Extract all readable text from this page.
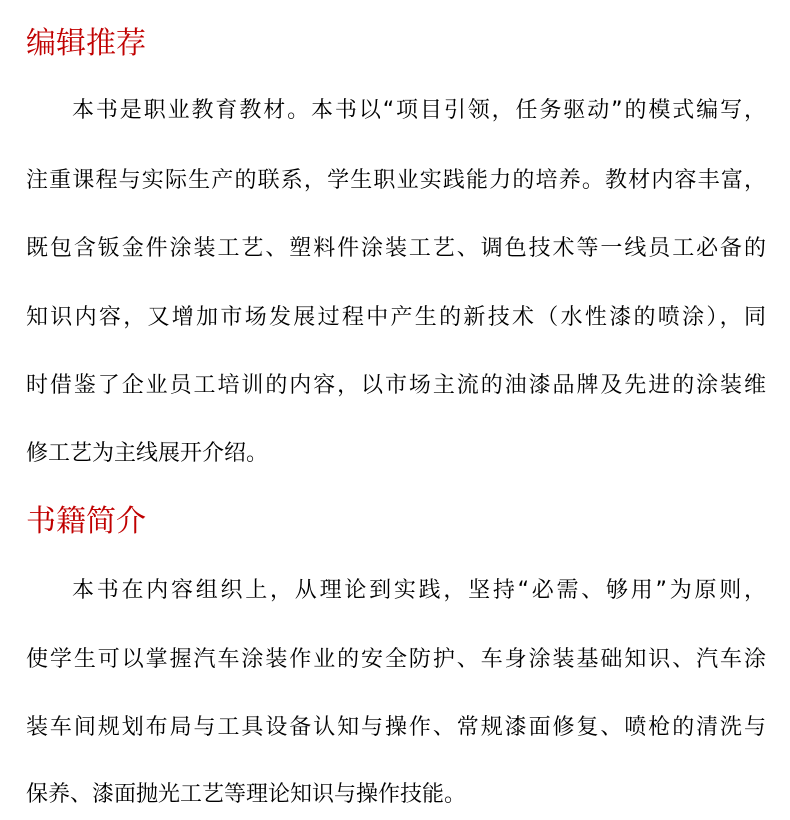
编辑推荐

本书是职业教育教材。本书以“项目引领，任务驱动”的模式编写，

注重课程与实际生产的联系，学生职业实践能力的培养。教材内容丰富，

既包含钣金件涂装工艺、塑料件涂装工艺、调色技术等一线员工必备的

知识内容，又增加市场发展过程中产生的新技术（水性漆的喷涂），同

时借鉴了企业员工培训的内容，以市场主流的油漆品牌及先进的涂装维

修工艺为主线展开介绍。

书籍简介

本书在内容组织上，从理论到实践，坚持“必需、够用”为原则，

使学生可以掌握汽车涂装作业的安全防护、车身涂装基础知识、汽车涂

装车间规划布局与工具设备认知与操作、常规漆面修复、喷枪的清洗与

保养、漆面抛光工艺等理论知识与操作技能。
